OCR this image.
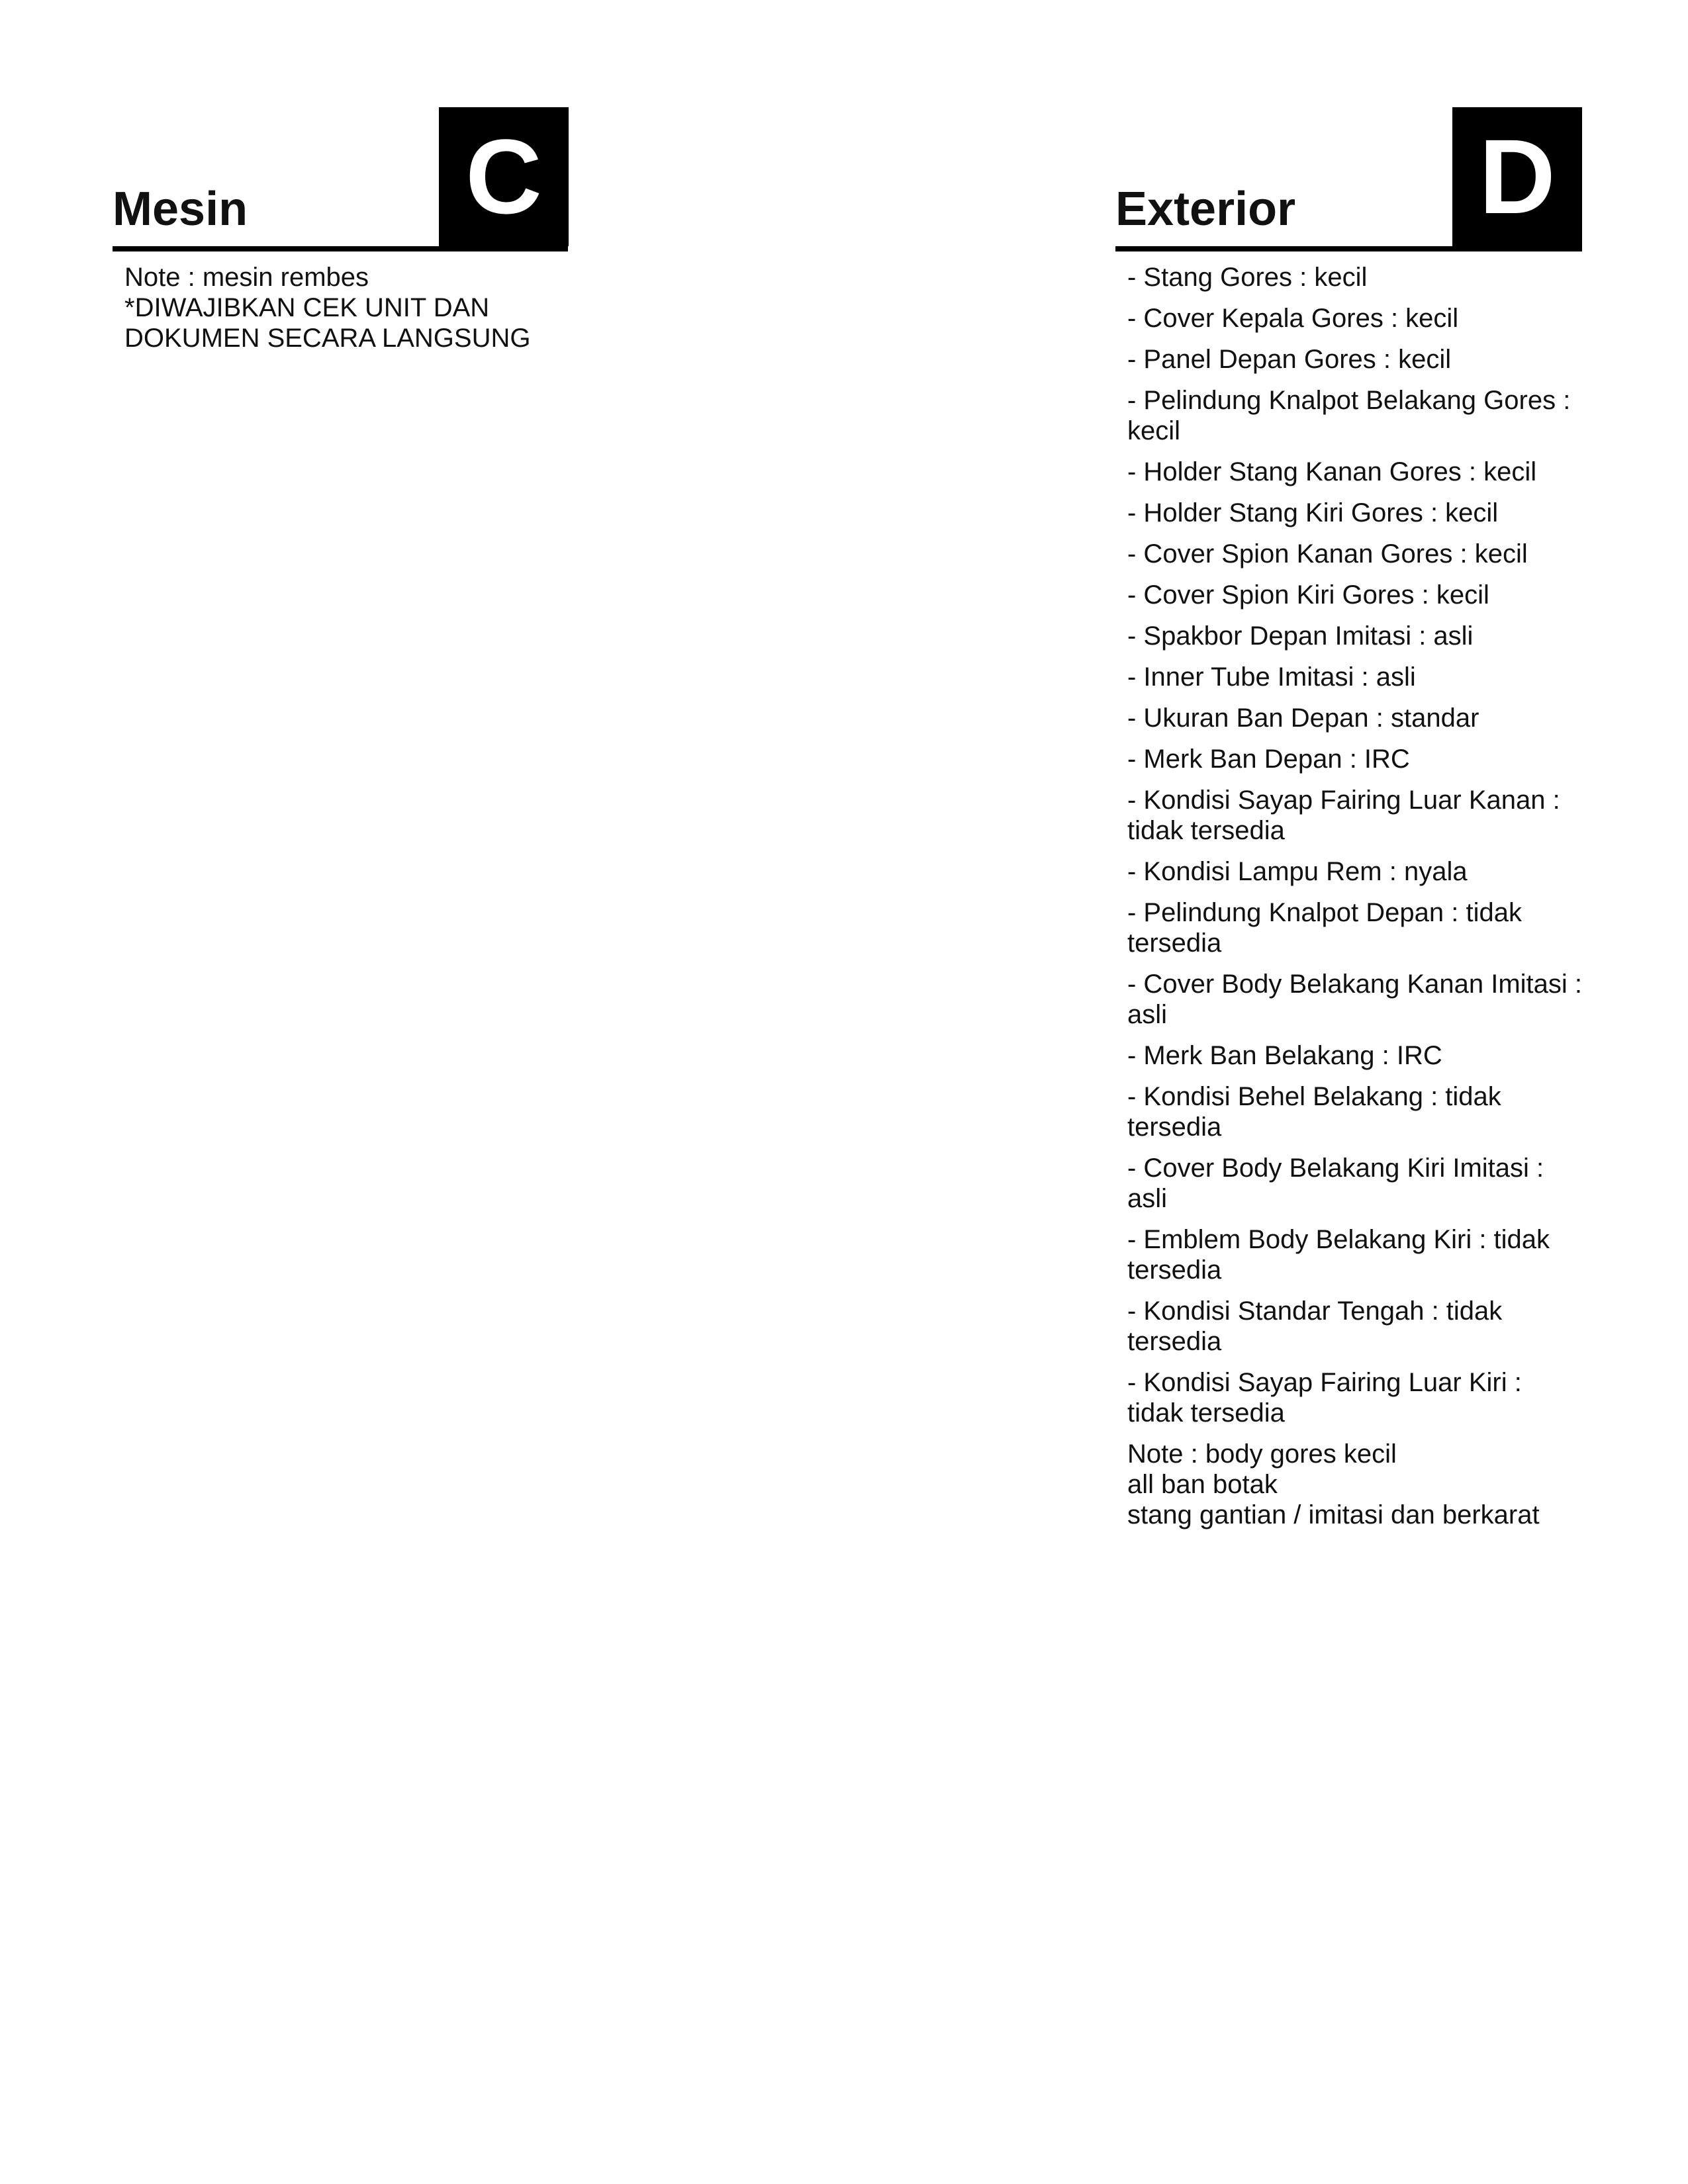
Mesin C
Note : mesin rembes
*DIWAJIBKAN CEK UNIT DAN
DOKUMEN SECARA LANGSUNG
Exterior D
- Stang Gores : kecil
- Cover Kepala Gores : kecil
- Panel Depan Gores : kecil
- Pelindung Knalpot Belakang Gores : kecil
- Holder Stang Kanan Gores : kecil
- Holder Stang Kiri Gores : kecil
- Cover Spion Kanan Gores : kecil
- Cover Spion Kiri Gores : kecil
- Spakbor Depan Imitasi : asli
- Inner Tube Imitasi : asli
- Ukuran Ban Depan : standar
- Merk Ban Depan : IRC
- Kondisi Sayap Fairing Luar Kanan : tidak tersedia
- Kondisi Lampu Rem : nyala
- Pelindung Knalpot Depan : tidak tersedia
- Cover Body Belakang Kanan Imitasi : asli
- Merk Ban Belakang : IRC
- Kondisi Behel Belakang : tidak tersedia
- Cover Body Belakang Kiri Imitasi : asli
- Emblem Body Belakang Kiri : tidak tersedia
- Kondisi Standar Tengah : tidak tersedia
- Kondisi Sayap Fairing Luar Kiri : tidak tersedia
Note : body gores kecil
all ban botak
stang gantian / imitasi dan berkarat
